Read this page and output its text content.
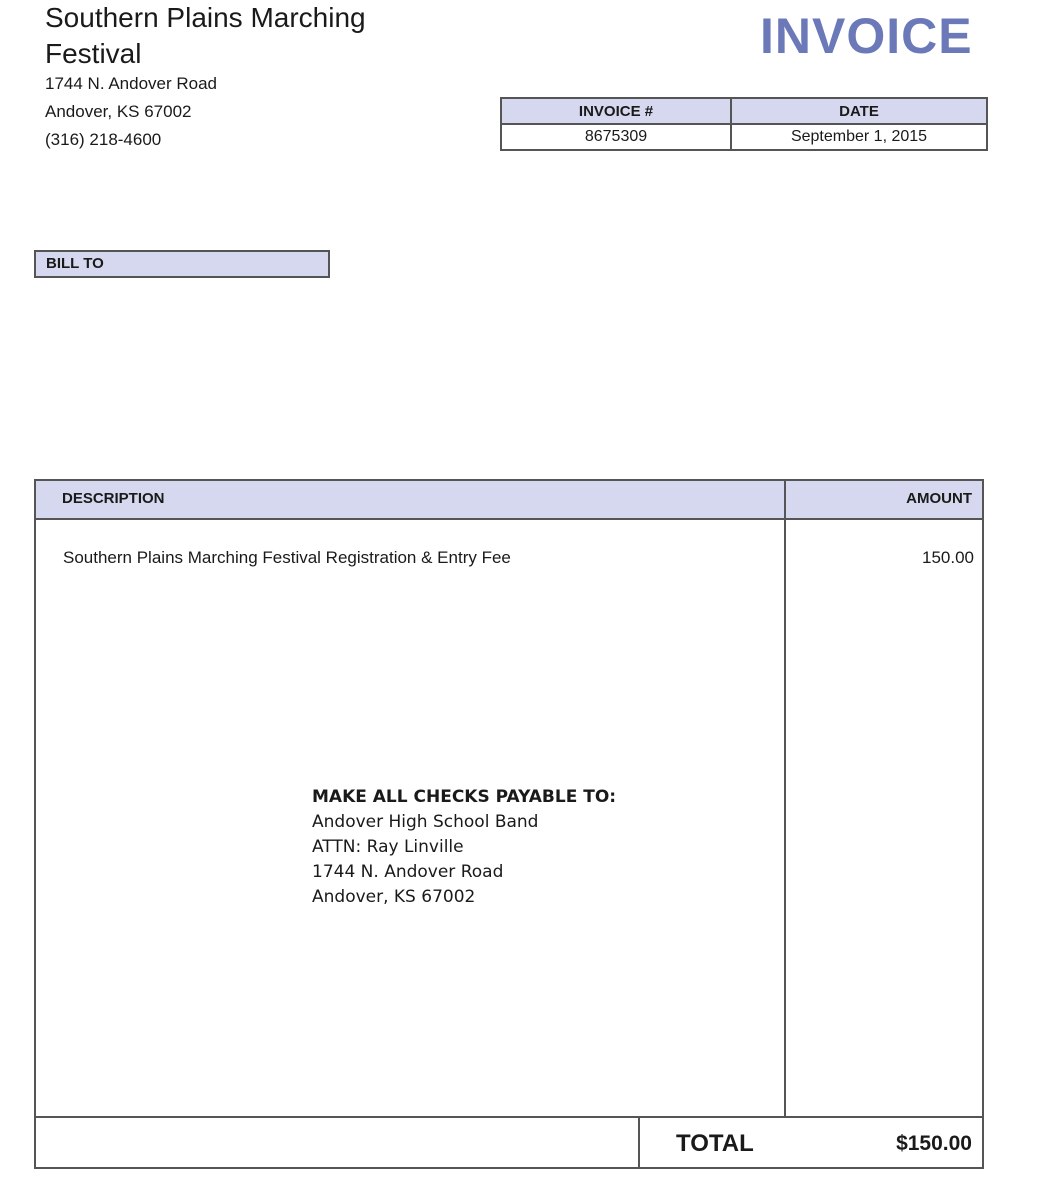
Southern Plains Marching Festival
1744 N. Andover Road
Andover, KS 67002
(316) 218-4600
INVOICE
INVOICE #	DATE
8675309	September 1, 2015
BILL TO
DESCRIPTION	AMOUNT
Southern Plains Marching Festival Registration & Entry Fee	150.00
MAKE ALL CHECKS PAYABLE TO:
Andover High School Band
ATTN: Ray Linville
1744 N. Andover Road
Andover, KS 67002
TOTAL	$150.00
